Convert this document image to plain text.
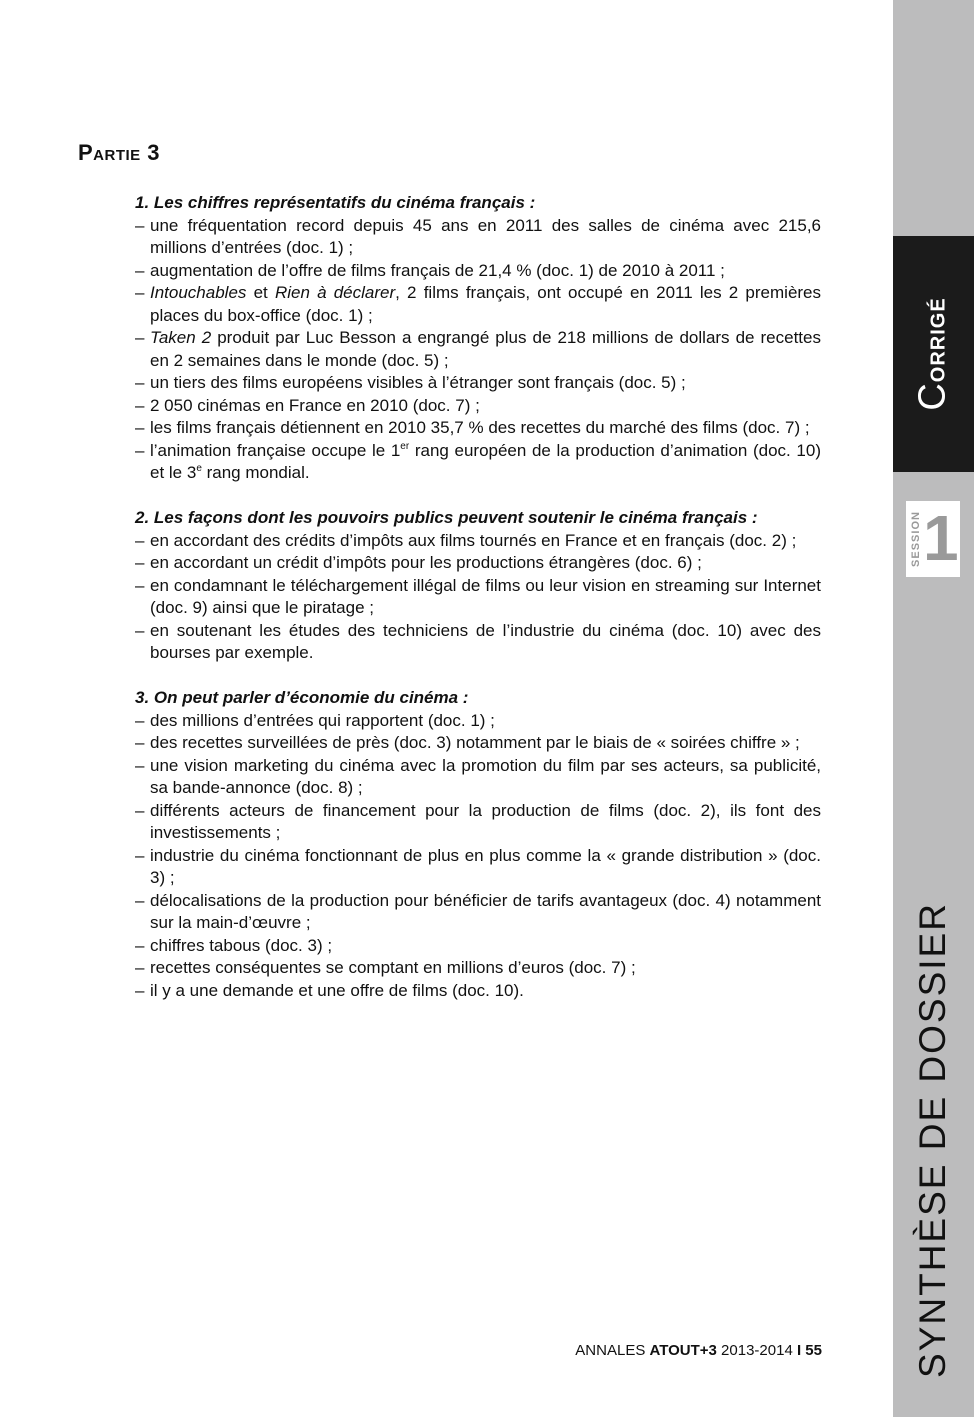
Corrigé
SESSION 1
SYNTHÈSE DE DOSSIER
Partie 3
1. Les chiffres représentatifs du cinéma français :
– une fréquentation record depuis 45 ans en 2011 des salles de cinéma avec 215,6 millions d’entrées (doc. 1) ;
– augmentation de l’offre de films français de 21,4 % (doc. 1) de 2010 à 2011 ;
– Intouchables et Rien à déclarer, 2 films français, ont occupé en 2011 les 2 premières places du box-office (doc. 1) ;
– Taken 2 produit par Luc Besson a engrangé plus de 218 millions de dollars de recettes en 2 semaines dans le monde (doc. 5) ;
– un tiers des films européens visibles à l’étranger sont français (doc. 5) ;
– 2 050 cinémas en France en 2010 (doc. 7) ;
– les films français détiennent en 2010 35,7 % des recettes du marché des films (doc. 7) ;
– l’animation française occupe le 1er rang européen de la production d’animation (doc. 10) et le 3e rang mondial.
2. Les façons dont les pouvoirs publics peuvent soutenir le cinéma français :
– en accordant des crédits d’impôts aux films tournés en France et en français (doc. 2) ;
– en accordant un crédit d’impôts pour les productions étrangères (doc. 6) ;
– en condamnant le téléchargement illégal de films ou leur vision en streaming sur Internet (doc. 9) ainsi que le piratage ;
– en soutenant les études des techniciens de l’industrie du cinéma (doc. 10) avec des bourses par exemple.
3. On peut parler d’économie du cinéma :
– des millions d’entrées qui rapportent (doc. 1) ;
– des recettes surveillées de près (doc. 3) notamment par le biais de « soirées chiffre » ;
– une vision marketing du cinéma avec la promotion du film par ses acteurs, sa publicité, sa bande-annonce (doc. 8) ;
– différents acteurs de financement pour la production de films (doc. 2), ils font des investissements ;
– industrie du cinéma fonctionnant de plus en plus comme la « grande distribution » (doc. 3) ;
– délocalisations de la production pour bénéficier de tarifs avantageux (doc. 4) notamment sur la main-d’œuvre ;
– chiffres tabous (doc. 3) ;
– recettes conséquentes se comptant en millions d’euros (doc. 7) ;
– il y a une demande et une offre de films (doc. 10).
ANNALES ATOUT+3 2013-2014 I 55
